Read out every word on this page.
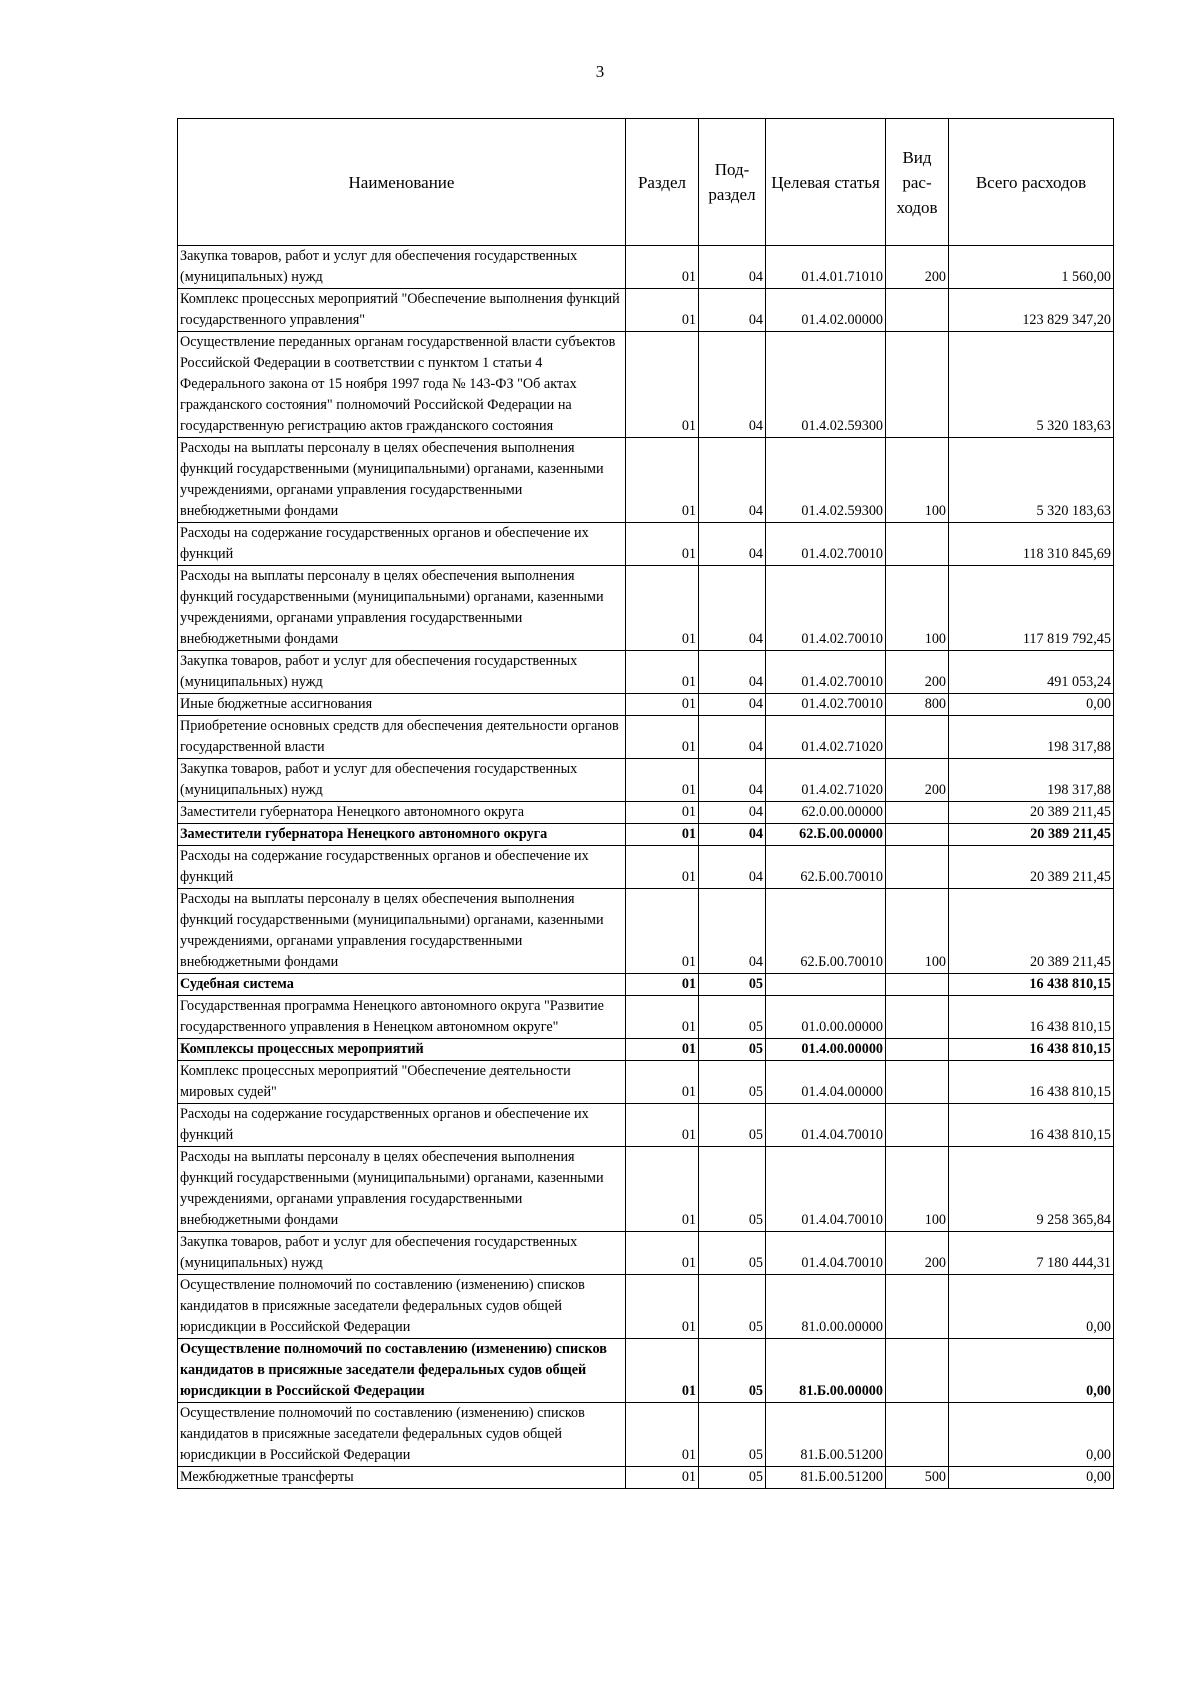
3
Наименование	Раздел	Под-раздел	Целевая статья	Вид рас-ходов	Всего расходов
Закупка товаров, работ и услуг для обеспечения государственных (муниципальных) нужд	01	04	01.4.01.71010	200	1 560,00
Комплекс процессных мероприятий "Обеспечение выполнения функций государственного управления"	01	04	01.4.02.00000		123 829 347,20
Осуществление переданных органам государственной власти субъектов Российской Федерации в соответствии с пунктом 1 статьи 4 Федерального закона от 15 ноября 1997 года № 143-ФЗ "Об актах гражданского состояния" полномочий Российской Федерации на государственную регистрацию актов гражданского состояния	01	04	01.4.02.59300		5 320 183,63
Расходы на выплаты персоналу в целях обеспечения выполнения функций государственными (муниципальными) органами, казенными учреждениями, органами управления государственными внебюджетными фондами	01	04	01.4.02.59300	100	5 320 183,63
Расходы на содержание государственных органов и обеспечение их функций	01	04	01.4.02.70010		118 310 845,69
Расходы на выплаты персоналу в целях обеспечения выполнения функций государственными (муниципальными) органами, казенными учреждениями, органами управления государственными внебюджетными фондами	01	04	01.4.02.70010	100	117 819 792,45
Закупка товаров, работ и услуг для обеспечения государственных (муниципальных) нужд	01	04	01.4.02.70010	200	491 053,24
Иные бюджетные ассигнования	01	04	01.4.02.70010	800	0,00
Приобретение основных средств для обеспечения деятельности органов государственной власти	01	04	01.4.02.71020		198 317,88
Закупка товаров, работ и услуг для обеспечения государственных (муниципальных) нужд	01	04	01.4.02.71020	200	198 317,88
Заместители губернатора Ненецкого автономного округа	01	04	62.0.00.00000		20 389 211,45
Заместители губернатора Ненецкого автономного округа	01	04	62.Б.00.00000		20 389 211,45
Расходы на содержание государственных органов и обеспечение их функций	01	04	62.Б.00.70010		20 389 211,45
Расходы на выплаты персоналу в целях обеспечения выполнения функций государственными (муниципальными) органами, казенными учреждениями, органами управления государственными внебюджетными фондами	01	04	62.Б.00.70010	100	20 389 211,45
Судебная система	01	05			16 438 810,15
Государственная программа Ненецкого автономного округа "Развитие государственного управления в Ненецком автономном округе"	01	05	01.0.00.00000		16 438 810,15
Комплексы процессных мероприятий	01	05	01.4.00.00000		16 438 810,15
Комплекс процессных мероприятий "Обеспечение деятельности мировых судей"	01	05	01.4.04.00000		16 438 810,15
Расходы на содержание государственных органов и обеспечение их функций	01	05	01.4.04.70010		16 438 810,15
Расходы на выплаты персоналу в целях обеспечения выполнения функций государственными (муниципальными) органами, казенными учреждениями, органами управления государственными внебюджетными фондами	01	05	01.4.04.70010	100	9 258 365,84
Закупка товаров, работ и услуг для обеспечения государственных (муниципальных) нужд	01	05	01.4.04.70010	200	7 180 444,31
Осуществление полномочий по составлению (изменению) списков кандидатов в присяжные заседатели федеральных судов общей юрисдикции в Российской Федерации	01	05	81.0.00.00000		0,00
Осуществление полномочий по составлению (изменению) списков кандидатов в присяжные заседатели федеральных судов общей юрисдикции в Российской Федерации	01	05	81.Б.00.00000		0,00
Осуществление полномочий по составлению (изменению) списков кандидатов в присяжные заседатели федеральных судов общей юрисдикции в Российской Федерации	01	05	81.Б.00.51200		0,00
Межбюджетные трансферты	01	05	81.Б.00.51200	500	0,00
